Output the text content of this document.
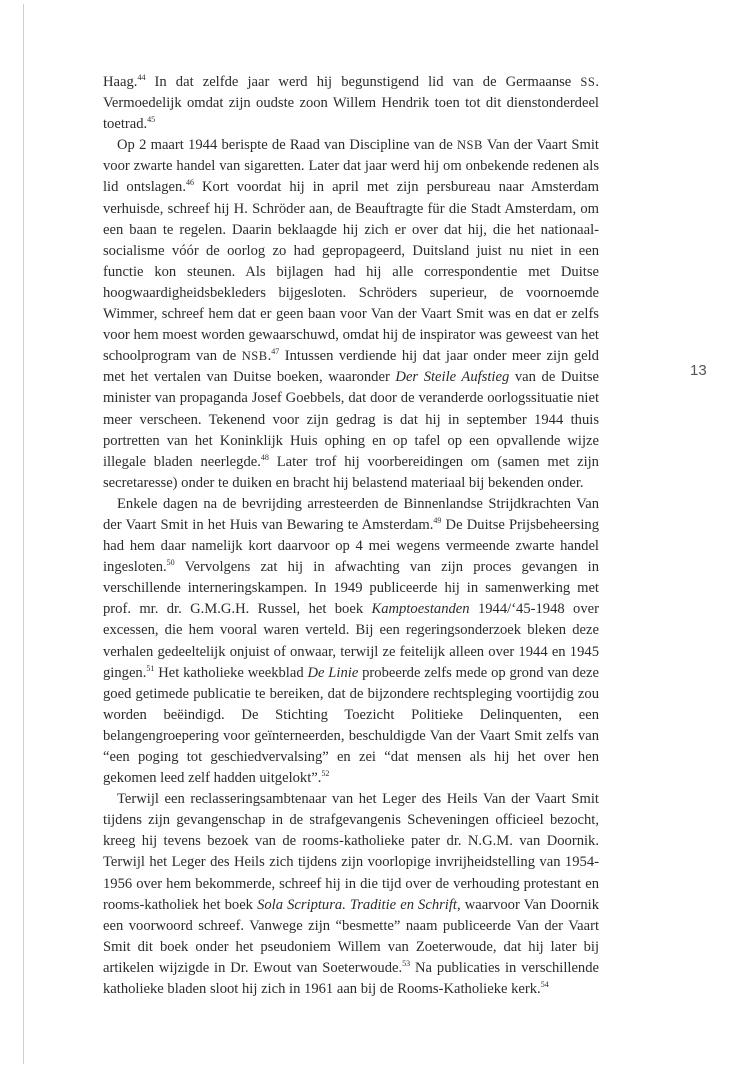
13

Haag.$^{44}$ In dat zelfde jaar werd hij begunstigend lid van de Germaanse SS. Vermoedelijk omdat zijn oudste zoon Willem Hendrik toen tot dit dienstonderdeel toetrad.$^{45}$

Op 2 maart 1944 berispte de Raad van Discipline van de NSB Van der Vaart Smit voor zwarte handel van sigaretten. Later dat jaar werd hij om onbekende redenen als lid ontslagen.$^{46}$ Kort voordat hij in april met zijn persbureau naar Amsterdam verhuisde, schreef hij H. Schröder aan, de Beauftragte für die Stadt Amsterdam, om een baan te regelen. Daarin beklaagde hij zich er over dat hij, die het nationaal-socialisme vóór de oorlog zo had gepropageerd, Duitsland juist nu niet in een functie kon steunen. Als bijlagen had hij alle correspondentie met Duitse hoogwaardigheidsbekleders bijgesloten. Schröders superieur, de voornoemde Wimmer, schreef hem dat er geen baan voor Van der Vaart Smit was en dat er zelfs voor hem moest worden gewaarschuwd, omdat hij de inspirator was geweest van het schoolprogram van de NSB.$^{47}$ Intussen verdiende hij dat jaar onder meer zijn geld met het vertalen van Duitse boeken, waaronder Der Steile Aufstieg van de Duitse minister van propaganda Josef Goebbels, dat door de veranderde oorlogssituatie niet meer verscheen. Tekenend voor zijn gedrag is dat hij in september 1944 thuis portretten van het Koninklijk Huis ophing en op tafel op een opvallende wijze illegale bladen neerlegde.$^{48}$ Later trof hij voorbereidingen om (samen met zijn secretaresse) onder te duiken en bracht hij belastend materiaal bij bekenden onder.

Enkele dagen na de bevrijding arresteerden de Binnenlandse Strijdkrachten Van der Vaart Smit in het Huis van Bewaring te Amsterdam.$^{49}$ De Duitse Prijsbeheersing had hem daar namelijk kort daarvoor op 4 mei wegens vermeende zwarte handel ingesloten.$^{50}$ Vervolgens zat hij in afwachting van zijn proces gevangen in verschillende interneringskampen. In 1949 publiceerde hij in samenwerking met prof. mr. dr. G.M.G.H. Russel, het boek Kamptoestanden 1944/‘45-1948 over excessen, die hem vooral waren verteld. Bij een regeringsonderzoek bleken deze verhalen gedeeltelijk onjuist of onwaar, terwijl ze feitelijk alleen over 1944 en 1945 gingen.$^{51}$ Het katholieke weekblad De Linie probeerde zelfs mede op grond van deze goed getimede publicatie te bereiken, dat de bijzondere rechtspleging voortijdig zou worden beëindigd. De Stichting Toezicht Politieke Delinquenten, een belangengroepering voor geïnterneerden, beschuldigde Van der Vaart Smit zelfs van “een poging tot geschiedvervalsing” en zei “dat mensen als hij het over hen gekomen leed zelf hadden uitgelokt”.$^{52}$

Terwijl een reclasseringsambtenaar van het Leger des Heils Van der Vaart Smit tijdens zijn gevangenschap in de strafgevangenis Scheveningen officieel bezocht, kreeg hij tevens bezoek van de rooms-katholieke pater dr. N.G.M. van Doornik. Terwijl het Leger des Heils zich tijdens zijn voorlopige invrijheidstelling van 1954-1956 over hem bekommerde, schreef hij in die tijd over de verhouding protestant en rooms-katholiek het boek Sola Scriptura. Traditie en Schrift, waarvoor Van Doornik een voorwoord schreef. Vanwege zijn “besmette” naam publiceerde Van der Vaart Smit dit boek onder het pseudoniem Willem van Zoeterwoude, dat hij later bij artikelen wijzigde in Dr. Ewout van Soeterwoude.$^{53}$ Na publicaties in verschillende katholieke bladen sloot hij zich in 1961 aan bij de Rooms-Katholieke kerk.$^{54}$
